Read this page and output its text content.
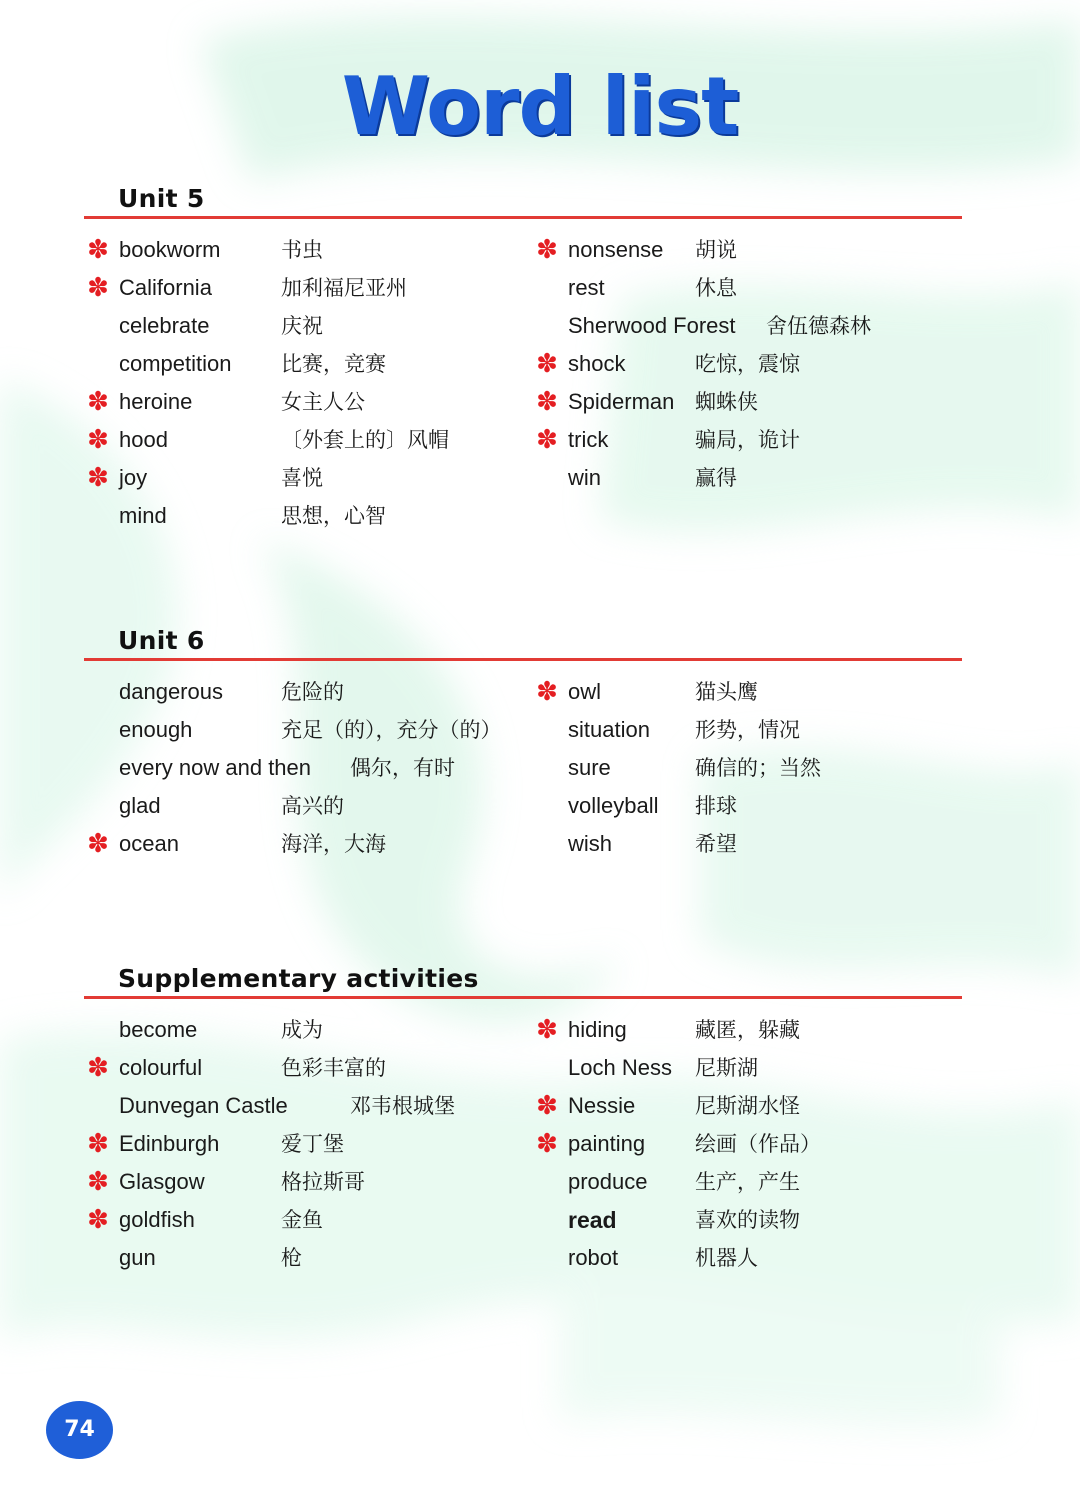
Word list
Unit 5
✽ bookworm	书虫
✽ California	加利福尼亚州
celebrate	庆祝
competition 比赛，竞赛
✽ heroine	女主人公
✽ hood	〔外套上的〕风帽
✽ joy	喜悦
mind	思想，心智
✽ nonsense 胡说
rest	休息
Sherwood Forest 舍伍德森林
✽ shock	吃惊，震惊
✽ Spiderman 蜘蛛侠
✽ trick	骗局，诡计
win	赢得
Unit 6
dangerous	危险的
enough	充足（的），充分（的）
every now and then 偶尔，有时
glad	高兴的
✽ ocean	海洋，大海
✽ owl	猫头鹰
situation 形势，情况
sure	确信的；当然
volleyball 排球
wish	希望
Supplementary activities
become	成为
✽ colourful	色彩丰富的
Dunvegan Castle	邓韦根城堡
✽ Edinburgh	爱丁堡
✽ Glasgow	格拉斯哥
✽ goldfish	金鱼
gun	枪
✽ hiding	藏匿，躲藏
Loch Ness 尼斯湖
✽ Nessie	尼斯湖水怪
✽ painting 绘画（作品）
produce 生产，产生
read	喜欢的读物
robot	机器人
74
